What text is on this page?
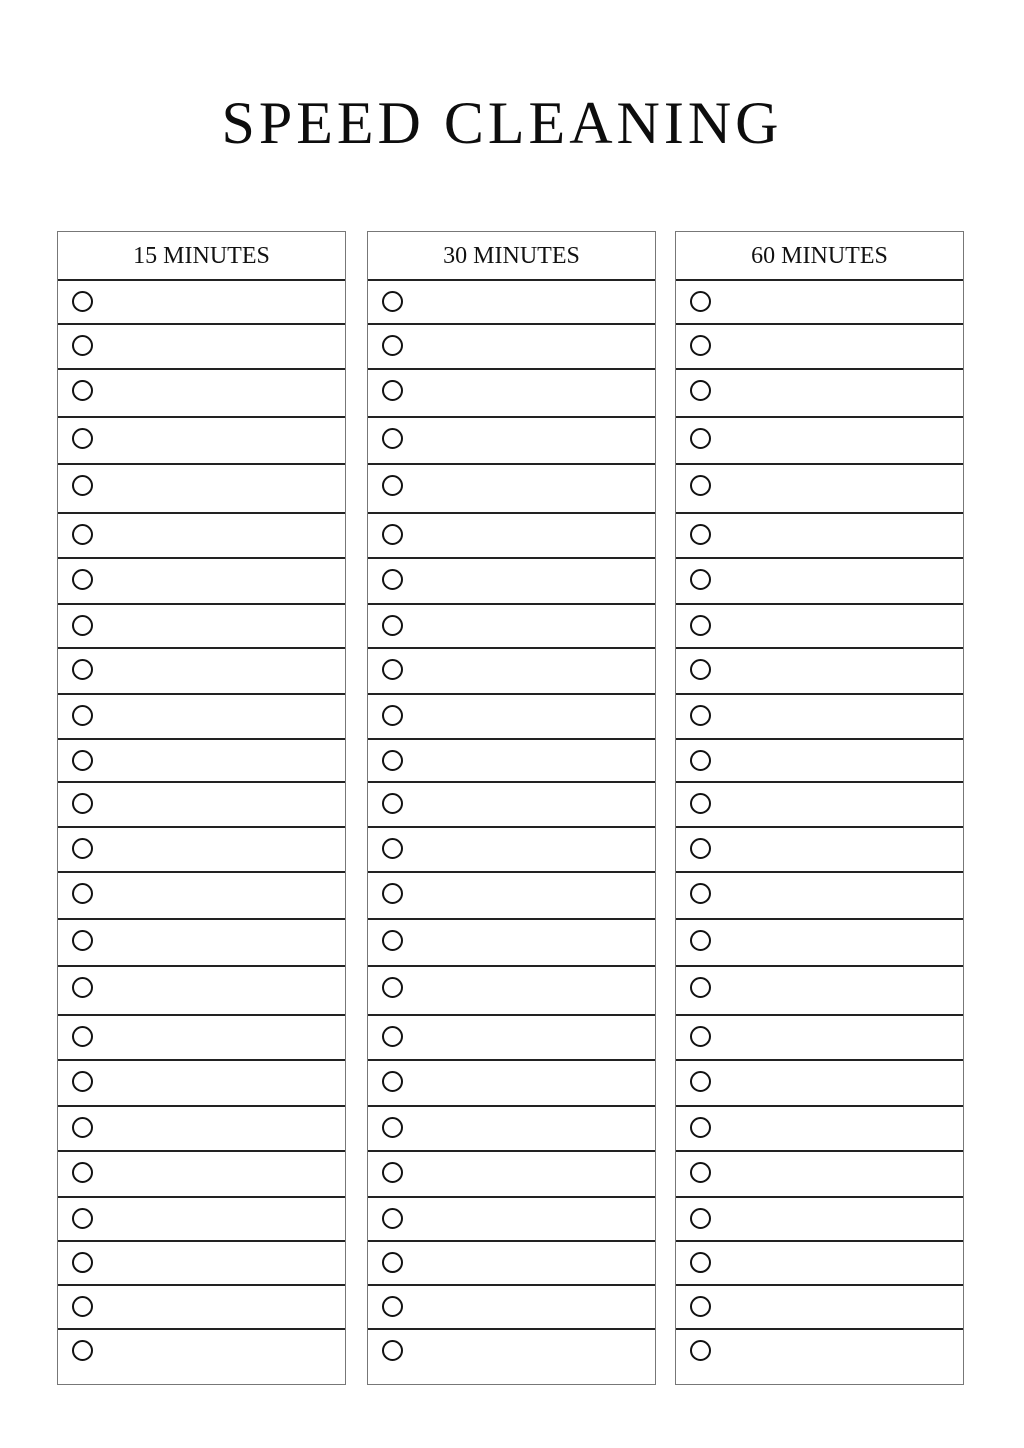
SPEED CLEANING
15 MINUTES	30 MINUTES	60 MINUTES
